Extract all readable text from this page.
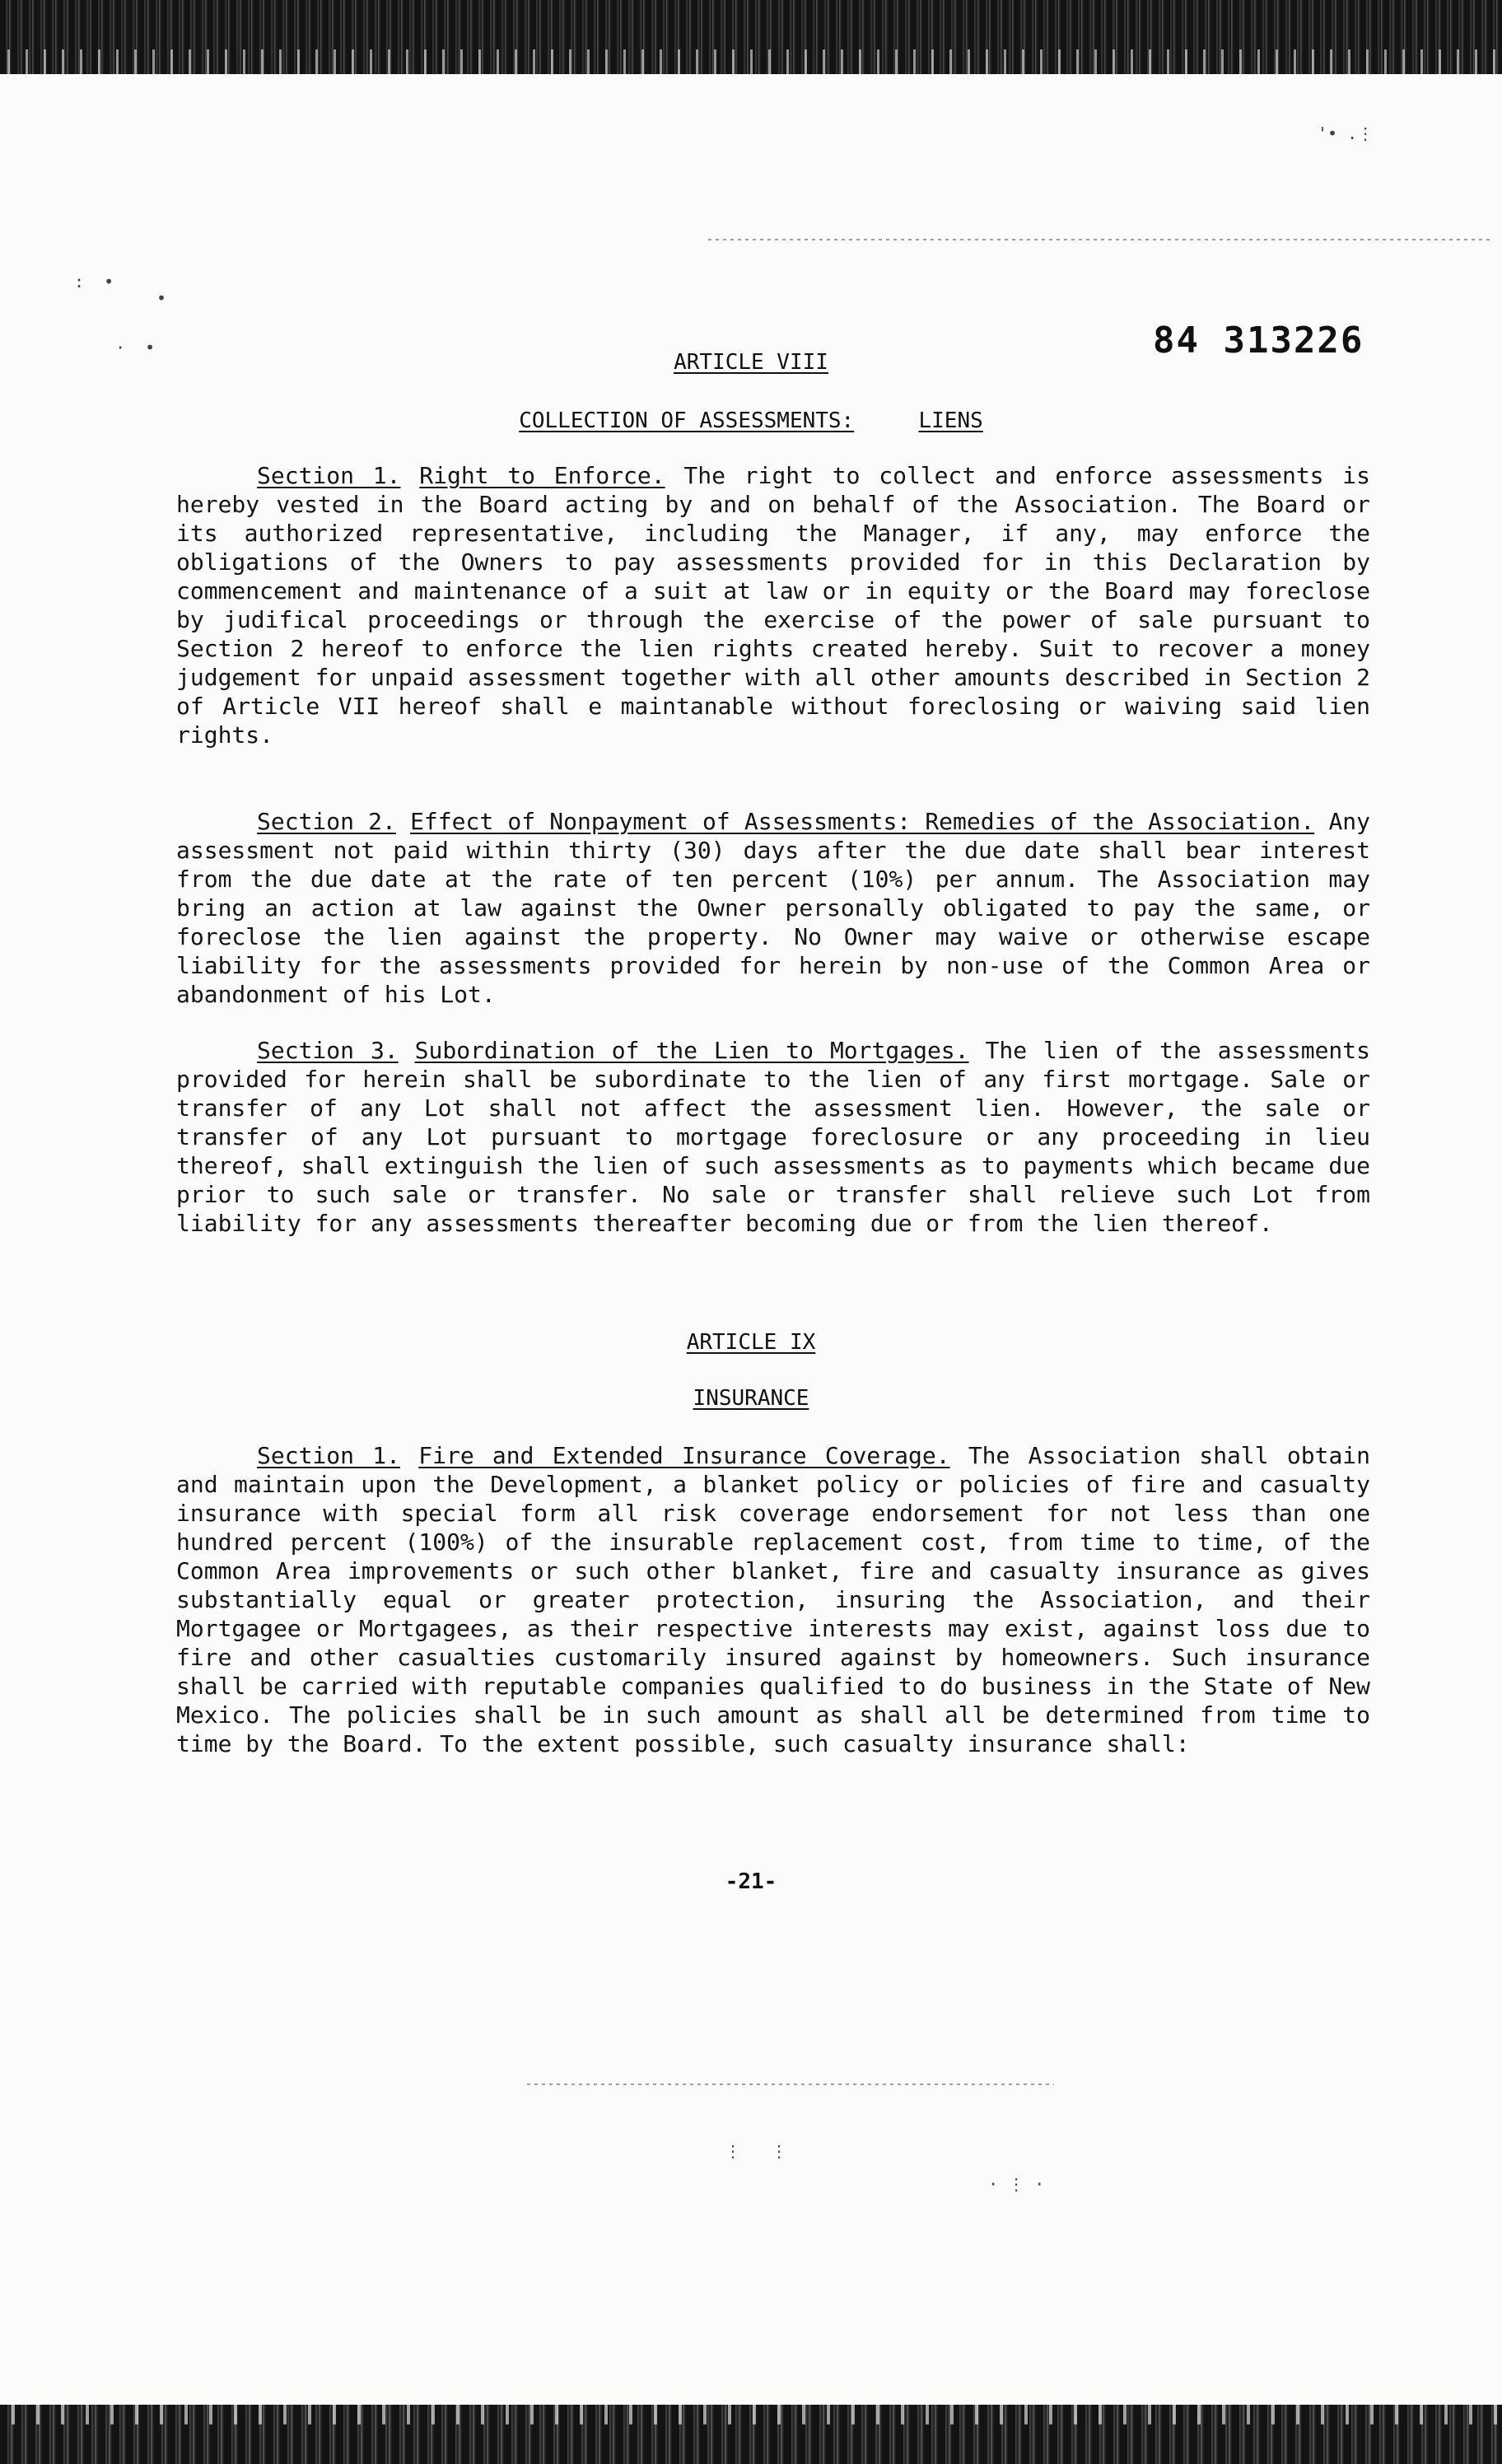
'• .⋮
:  •
•
⋅  •
⋮   ⋮
⋅ ⋮ ⋅
84 313226
ARTICLE VIII
COLLECTION OF ASSESSMENTS:	LIENS
Section 1. Right to Enforce. The right to collect and enforce assessments is hereby vested in the Board acting by and on behalf of the Association. The Board or its authorized representative, including the Manager, if any, may enforce the obligations of the Owners to pay assessments provided for in this Declaration by commencement and maintenance of a suit at law or in equity or the Board may foreclose by judifical proceedings or through the exercise of the power of sale pursuant to Section 2 hereof to enforce the lien rights created hereby. Suit to recover a money judgement for unpaid assessment together with all other amounts described in Section 2 of Article VII hereof shall e maintanable without foreclosing or waiving said lien rights.
Section 2. Effect of Nonpayment of Assessments: Remedies of the Association. Any assessment not paid within thirty (30) days after the due date shall bear interest from the due date at the rate of ten percent (10%) per annum. The Association may bring an action at law against the Owner personally obligated to pay the same, or foreclose the lien against the property. No Owner may waive or otherwise escape liability for the assessments provided for herein by non-use of the Common Area or abandonment of his Lot.
Section 3. Subordination of the Lien to Mortgages. The lien of the assessments provided for herein shall be subordinate to the lien of any first mortgage. Sale or transfer of any Lot shall not affect the assessment lien. However, the sale or transfer of any Lot pursuant to mortgage foreclosure or any proceeding in lieu thereof, shall extinguish the lien of such assessments as to payments which became due prior to such sale or transfer. No sale or transfer shall relieve such Lot from liability for any assessments thereafter becoming due or from the lien thereof.
ARTICLE IX
INSURANCE
Section 1. Fire and Extended Insurance Coverage. The Association shall obtain and maintain upon the Development, a blanket policy or policies of fire and casualty insurance with special form all risk coverage endorsement for not less than one hundred percent (100%) of the insurable replacement cost, from time to time, of the Common Area improvements or such other blanket, fire and casualty insurance as gives substantially equal or greater protection, insuring the Association, and their Mortgagee or Mortgagees, as their respective interests may exist, against loss due to fire and other casualties customarily insured against by homeowners. Such insurance shall be carried with reputable companies qualified to do business in the State of New Mexico. The policies shall be in such amount as shall all be determined from time to time by the Board. To the extent possible, such casualty insurance shall:
-21-
